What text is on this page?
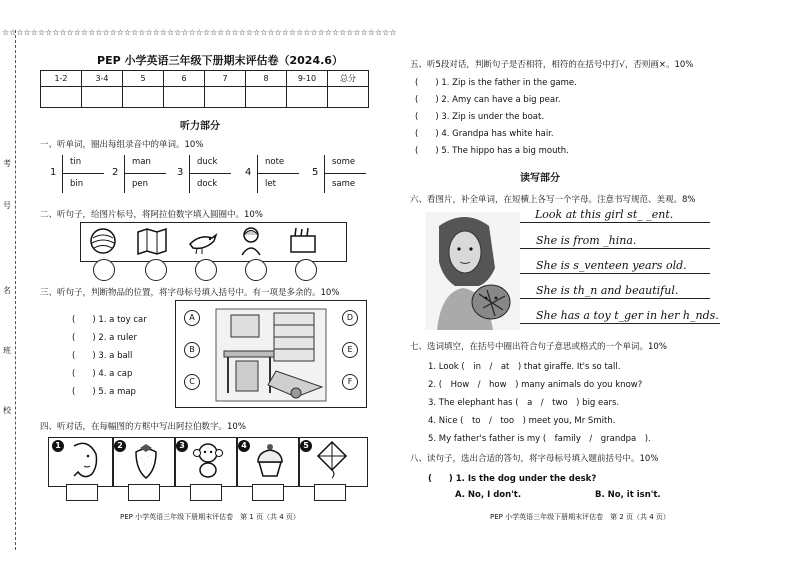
☆☆☆☆☆☆☆☆☆☆☆☆☆☆☆☆☆☆☆☆☆☆☆☆☆☆☆☆☆☆☆☆☆☆☆☆☆☆☆☆☆☆☆☆☆☆☆☆☆☆☆☆☆☆☆
考
号
名
班
校
PEP 小学英语三年级下册期末评估卷（2024.6）
1-2	3-4	5	6	7	8	9-10	总分

听力部分
一、听单词，圈出每组录音中的单词。10%
1
tin
bin
2
man
pen
3
duck
dock
4
note
let
5
some
same
二、听句子，给图片标号，将阿拉伯数字填入圆圈中。10%
三、听句子，判断物品的位置，将字母标号填入括号中。有一项是多余的。10%
(　　) 1. a toy car
(　　) 2. a ruler
(　　) 3. a ball
(　　) 4. a cap
(　　) 5. a map
A
B
C
D
E
F
四、听对话，在每幅图的方框中写出阿拉伯数字。10%
1	2	3	4	5
PEP 小学英语三年级下册期末评估卷　第 1 页（共 4 页）
五、听5段对话，判断句子是否相符，相符的在括号中打√，否则画×。10%
(　　) 1. Zip is the father in the game.
(　　) 2. Amy can have a big pear.
(　　) 3. Zip is under the boat.
(　　) 4. Grandpa has white hair.
(　　) 5. The hippo has a big mouth.
读写部分
六、看图片，补全单词，在短横上各写一个字母。注意书写规范、美观。8%
Look at this girl st_ _ent.
She is from _hina.
She is s_venteen years old.
She is th_n and beautiful.
She has a toy t_ger in her h_nds.
七、选词填空，在括号中圈出符合句子意思或格式的一个单词。10%
1. Look (　in　/　at　) that giraffe. It's so tall.
2. (　How　/　how　) many animals do you know?
3. The elephant has (　a　/　two　) big ears.
4. Nice (　to　/　too　) meet you, Mr Smith.
5. My father's father is my (　family　/　grandpa　).
八、读句子，选出合适的答句，将字母标号填入题前括号中。10%
(　　) 1. Is the dog under the desk?
A. No, I don't.	B. No, it isn't.
PEP 小学英语三年级下册期末评估卷　第 2 页（共 4 页）
